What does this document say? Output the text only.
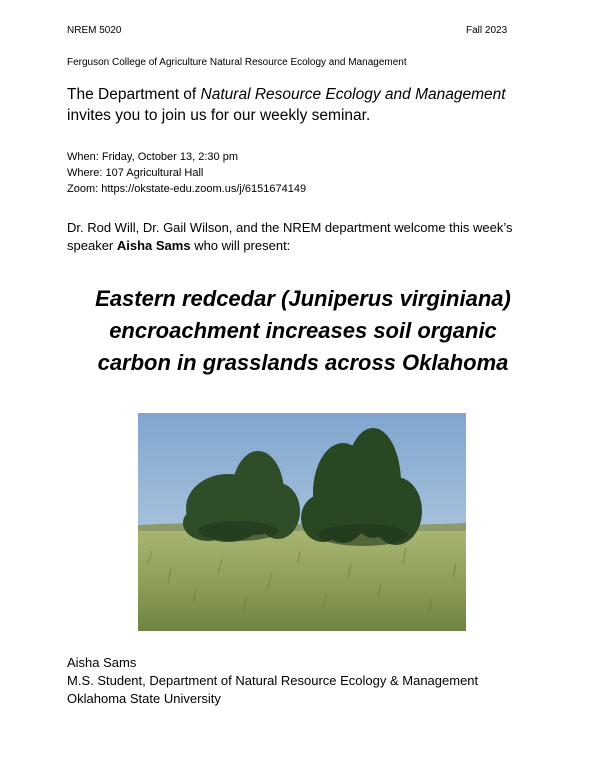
NREM 5020	Fall 2023
Ferguson College of Agriculture Natural Resource Ecology and Management
The Department of Natural Resource Ecology and Management
invites you to join us for our weekly seminar.
When: Friday, October 13, 2:30 pm
Where: 107 Agricultural Hall
Zoom: https://okstate-edu.zoom.us/j/6151674149
Dr. Rod Will, Dr. Gail Wilson, and the NREM department welcome this week’s speaker Aisha Sams who will present:
Eastern redcedar (Juniperus virginiana)
encroachment increases soil organic
carbon in grasslands across Oklahoma
Aisha Sams
M.S. Student, Department of Natural Resource Ecology & Management
Oklahoma State University
